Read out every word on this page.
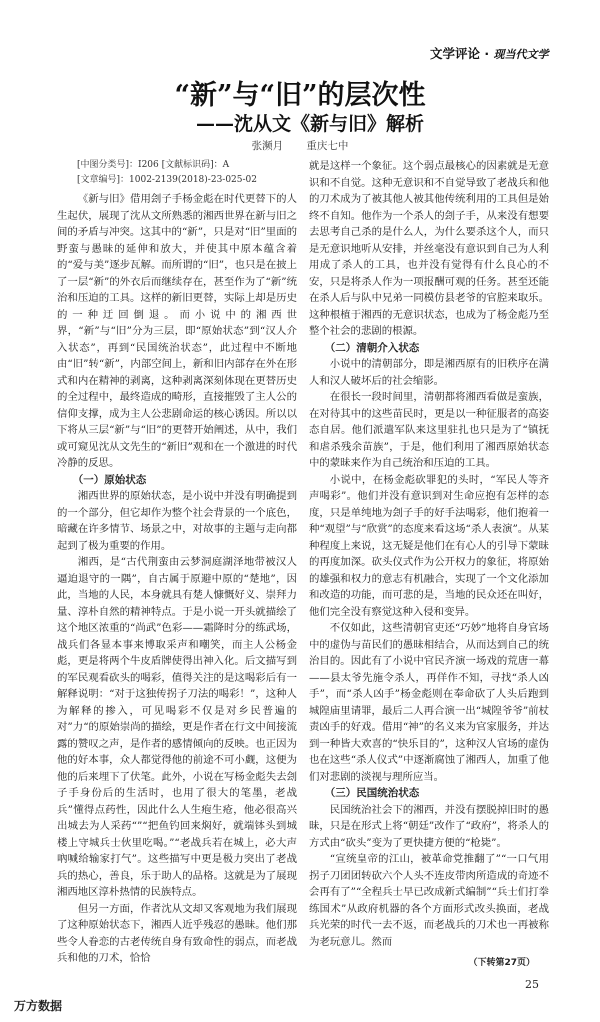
文学评论 · 现当代文学
“新”与“旧”的层次性
——沈从文《新与旧》解析
张濒月 重庆七中
[中图分类号]：I206 [文献标识码]：A
[文章编号]：1002-2139(2018)-23-025-02

《新与旧》借用刽子手杨金彪在时代更替下的人生起伏，展现了沈从文所熟悉的湘西世界在新与旧之间的矛盾与冲突。这其中的“新”，只是对“旧”里面的野蛮与愚昧的延伸和放大，并使其中原本蕴含着的“爱与美”逐步瓦解。而所谓的“旧”，也只是在披上了一层“新”的外衣后而继续存在，甚至作为了“新”统治和压迫的工具。这样的新旧更替，实际上却是历史的一种迂回倒退。而小说中的湘西世界，“新”与“旧”分为三层，即“原始状态”到“汉人介入状态”，再到“民国统治状态”，此过程中不断地由“旧”转“新”，内部空间上，新和旧内部存在外在形式和内在精神的剥离，这种剥离深刻体现在更替历史的全过程中，最终造成的畸形，直接摧毁了主人公的信仰支撑，成为主人公悲剧命运的核心诱因。所以以下将从三层“新”与“旧”的更替开始阐述，从中，我们或可窥见沈从文先生的“新旧”观和在一个激进的时代冷静的反思。

（一）原始状态

湘西世界的原始状态，是小说中并没有明确提到的一个部分，但它却作为整个社会背景的一个底色，暗藏在许多情节、场景之中，对故事的主题与走向都起到了极为重要的作用。

湘西，是“古代荆蛮由云梦洞庭湖泽地带被汉人逼迫退守的一隅”，自古属于原避中原的“楚地”，因此，当地的人民，本身就具有楚人慷慨好义、崇拜力量、淳朴自然的精神特点。于是小说一开头就描绘了这个地区浓重的“尚武”色彩——霜降时分的练武场，战兵们各显本事来博取采声和嘲笑，而主人公杨金彪，更是将两个牛皮盾牌使得出神入化。后文描写到的军民观看砍头的喝彩，值得关注的是这喝彩后有一解释说明：“对于这独传拐子刀法的喝彩！”，这种人为解释的掺入，可见喝彩不仅是对乡民普遍的对”力“的原始崇尚的描绘，更是作者在行文中间接流露的赞叹之声，是作者的感情倾向的反映。也正因为他的好本事，众人都觉得他的前途不可小觑，这便为他的后来埋下了伏笔。此外，小说在写杨金彪失去刽子手身份后的生活时，也用了很大的笔墨，老战兵”懂得点药性，因此什么人生疱生疮，他必很高兴出城去为人采药“”“把鱼钓回来焖好，就端钵头到城楼上守城兵士伙里吃喝。”“老战兵若在城上，必大声吶喊给输家打气”。这些描写中更是极力突出了老战兵的热心，善良，乐于助人的品格。这就是为了展现湘西地区淳朴热情的民族特点。

但另一方面，作者沈从文却又客观地为我们展现了这种原始状态下，湘西人近乎残忍的愚昧。他们那些令人眷恋的古老传统自身有致命性的弱点，而老战兵和他的刀术，恰恰

就是这样一个象征。这个弱点最核心的因素就是无意识和不自觉。这种无意识和不自觉导致了老战兵和他的刀术成为了被其他人被其他传统利用的工具但是始终不自知。他作为一个杀人的刽子手，从来没有想要去思考自己杀的是什么人，为什么要杀这个人，而只是无意识地听从安排，并丝毫没有意识到自己为人利用成了杀人的工具，也并没有觉得有什么良心的不安，只是将杀人作为一项报酬可观的任务。甚至还能在杀人后与队中兄弟一同模仿县老爷的官腔来取乐。这种根植于湘西的无意识状态，也成为了杨金彪乃至整个社会的悲剧的根源。

（二）清朝介入状态

小说中的清朝部分，即是湘西原有的旧秩序在满人和汉人破坏后的社会缩影。

在很长一段时间里，清朝都将湘西看做是蛮族，在对待其中的这些苗民时，更是以一种征服者的高姿态自居。他们派遣军队来这里驻扎也只是为了“镇抚和虐杀残余苗族”，于是，他们利用了湘西原始状态中的蒙昧来作为自己统治和压迫的工具。

小说中，在杨金彪砍罪犯的头时，“军民人等齐声喝彩”。他们并没有意识到对生命应抱有怎样的态度，只是单纯地为刽子手的好手法喝彩，他们抱着一种“观望”与“欣赏”的态度来看这场“杀人表演”。从某种程度上来说，这无疑是他们在有心人的引导下蒙昧的再度加深。砍头仪式作为公开权力的象征，将原始的雄强和权力的意志有机融合，实现了一个文化添加和改造的功能，而可悲的是，当地的民众还在叫好，他们完全没有察觉这种入侵和变异。

不仅如此，这些清朝官吏还“巧妙”地将自身官场中的虚伪与苗民们的愚昧相结合，从而达到自己的统治目的。因此有了小说中官民齐演一场戏的荒唐一幕——县太爷先施令杀人，再佯作不知，寻找“杀人凶手”，而“杀人凶手”杨金彪则在奉命砍了人头后跑到城隍庙里请罪，最后二人再合演一出“城隍爷爷”前杖责凶手的好戏。借用“神”的名义来为官家服务，并达到一种皆大欢喜的“快乐目的”，这种汉人官场的虚伪也在这些“杀人仪式”中逐渐腐蚀了湘西人，加重了他们对悲剧的淡视与理所应当。

（三）民国统治状态

民国统治社会下的湘西，并没有摆脱掉旧时的愚昧，只是在形式上将“朝廷”改作了“政府”，将杀人的方式由“砍头”变为了更快捷方便的“枪毙”。

“宣统皇帝的江山，被革命党推翻了”“一口气用拐子刀团团转砍六个人头不连皮带肉所造成的奇迹不会再有了”“全程兵士早已改成新式编制”“兵士们打拳练国术”从政府机器的各个方面形式改头换面，老战兵光荣的时代一去不返，而老战兵的刀术也一再被称为老玩意儿。然而

（下转第27页）
25
万方数据
